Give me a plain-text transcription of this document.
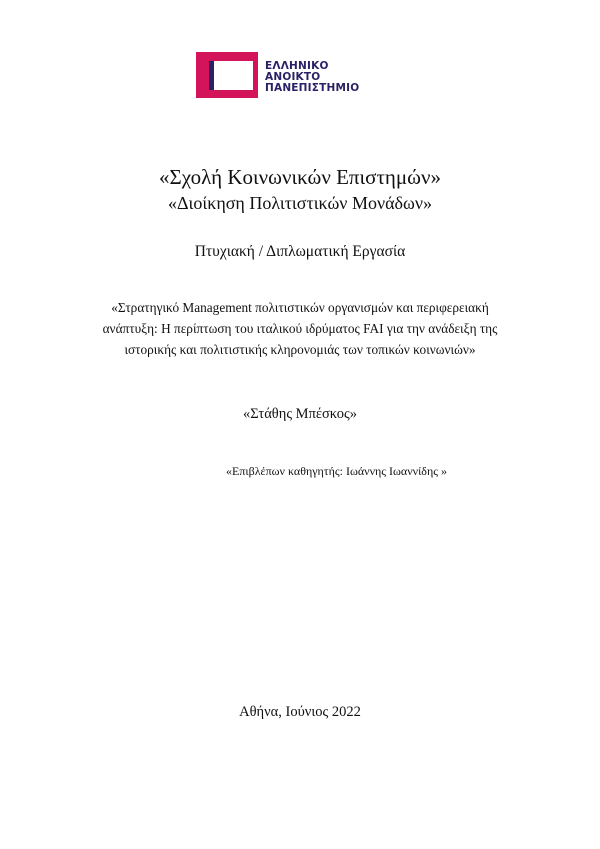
ΕΛΛΗΝΙΚΟ
ΑΝΟΙΚΤΟ
ΠΑΝΕΠΙΣΤΗΜΙΟ
«Σχολή Κοινωνικών Επιστημών»
«Διοίκηση Πολιτιστικών Μονάδων»
Πτυχιακή / Διπλωματική Εργασία
«Στρατηγικό Management πολιτιστικών οργανισμών και περιφερειακή ανάπτυξη: Η περίπτωση του ιταλικού ιδρύματος FAI για την ανάδειξη της ιστορικής και πολιτιστικής κληρονομιάς των τοπικών κοινωνιών»
«Στάθης Μπέσκος»
«Επιβλέπων καθηγητής: Ιωάννης Ιωαννίδης »
Αθήνα, Ιούνιος 2022
